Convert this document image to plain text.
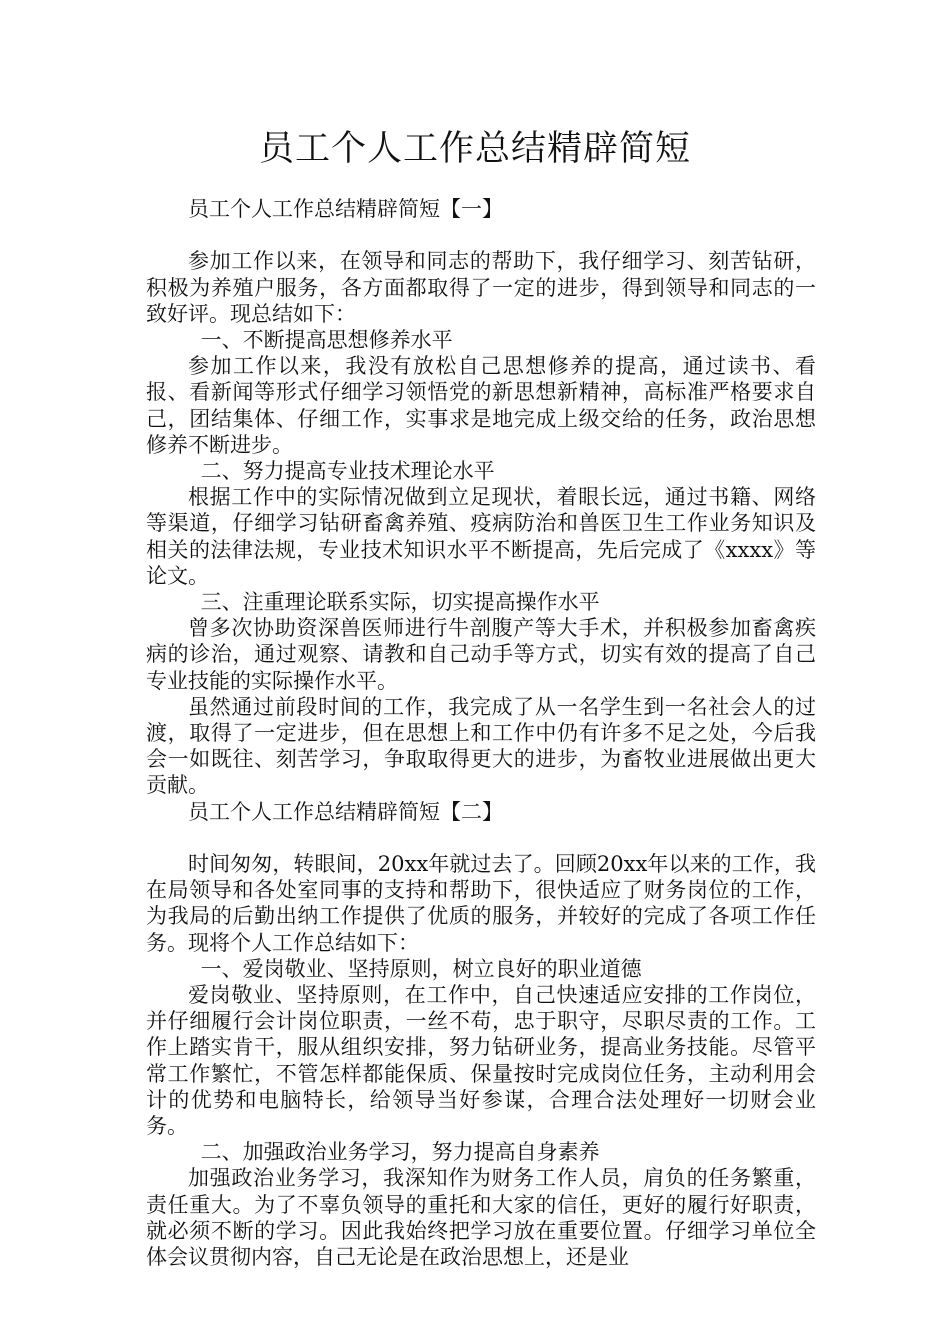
员工个人工作总结精辟简短

员工个人工作总结精辟简短【一】

参加工作以来，在领导和同志的帮助下，我仔细学习、刻苦钻研，积极为养殖户服务，各方面都取得了一定的进步，得到领导和同志的一致好评。现总结如下：

一、不断提高思想修养水平

参加工作以来，我没有放松自己思想修养的提高，通过读书、看报、看新闻等形式仔细学习领悟党的新思想新精神，高标准严格要求自己，团结集体、仔细工作，实事求是地完成上级交给的任务，政治思想修养不断进步。

二、努力提高专业技术理论水平

根据工作中的实际情况做到立足现状，着眼长远，通过书籍、网络等渠道，仔细学习钻研畜禽养殖、疫病防治和兽医卫生工作业务知识及相关的法律法规，专业技术知识水平不断提高，先后完成了《xxxx》等论文。

三、注重理论联系实际，切实提高操作水平

曾多次协助资深兽医师进行牛剖腹产等大手术，并积极参加畜禽疾病的诊治，通过观察、请教和自己动手等方式，切实有效的提高了自己专业技能的实际操作水平。

虽然通过前段时间的工作，我完成了从一名学生到一名社会人的过渡，取得了一定进步，但在思想上和工作中仍有许多不足之处，今后我会一如既往、刻苦学习，争取取得更大的进步，为畜牧业进展做出更大贡献。

员工个人工作总结精辟简短【二】

时间匆匆，转眼间，20xx年就过去了。回顾20xx年以来的工作，我在局领导和各处室同事的支持和帮助下，很快适应了财务岗位的工作，为我局的后勤出纳工作提供了优质的服务，并较好的完成了各项工作任务。现将个人工作总结如下：

一、爱岗敬业、坚持原则，树立良好的职业道德

爱岗敬业、坚持原则，在工作中，自己快速适应安排的工作岗位，并仔细履行会计岗位职责，一丝不苟，忠于职守，尽职尽责的工作。工作上踏实肯干，服从组织安排，努力钻研业务，提高业务技能。尽管平常工作繁忙，不管怎样都能保质、保量按时完成岗位任务，主动利用会计的优势和电脑特长，给领导当好参谋，合理合法处理好一切财会业务。

二、加强政治业务学习，努力提高自身素养

加强政治业务学习，我深知作为财务工作人员，肩负的任务繁重，责任重大。为了不辜负领导的重托和大家的信任，更好的履行好职责，就必须不断的学习。因此我始终把学习放在重要位置。仔细学习单位全体会议贯彻内容，自己无论是在政治思想上，还是业
